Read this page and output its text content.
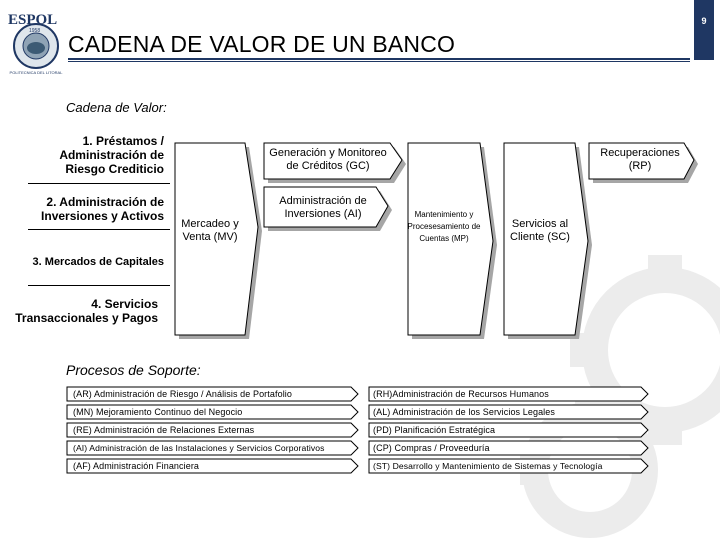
ESPOL
1958
POLITECNICA DEL LITORAL
9
CADENA DE VALOR DE UN BANCO
Cadena de Valor:
1. Préstamos / Administración de Riesgo Crediticio
2. Administración de Inversiones y Activos
3. Mercados de Capitales
4. Servicios Transaccionales y Pagos
Mercadeo y Venta (MV)
Generación y Monitoreo de Créditos (GC)
Administración de Inversiones (AI)	Mantenimiento y Procesesamiento de Cuentas (MP)
Recuperaciones (RP)
Servicios al Cliente (SC)
Procesos de Soporte:
(AR) Administración de Riesgo / Análisis de Portafolio
(MN) Mejoramiento Continuo del Negocio
(RE) Administración de Relaciones Externas
(AI) Administración de las Instalaciones y Servicios Corporativos
(AF) Administración Financiera
(RH)Administración de Recursos Humanos
(AL) Administración de los Servicios Legales
(PD) Planificación Estratégica
(CP) Compras / Proveeduría
(ST) Desarrollo y Mantenimiento de Sistemas y Tecnología
